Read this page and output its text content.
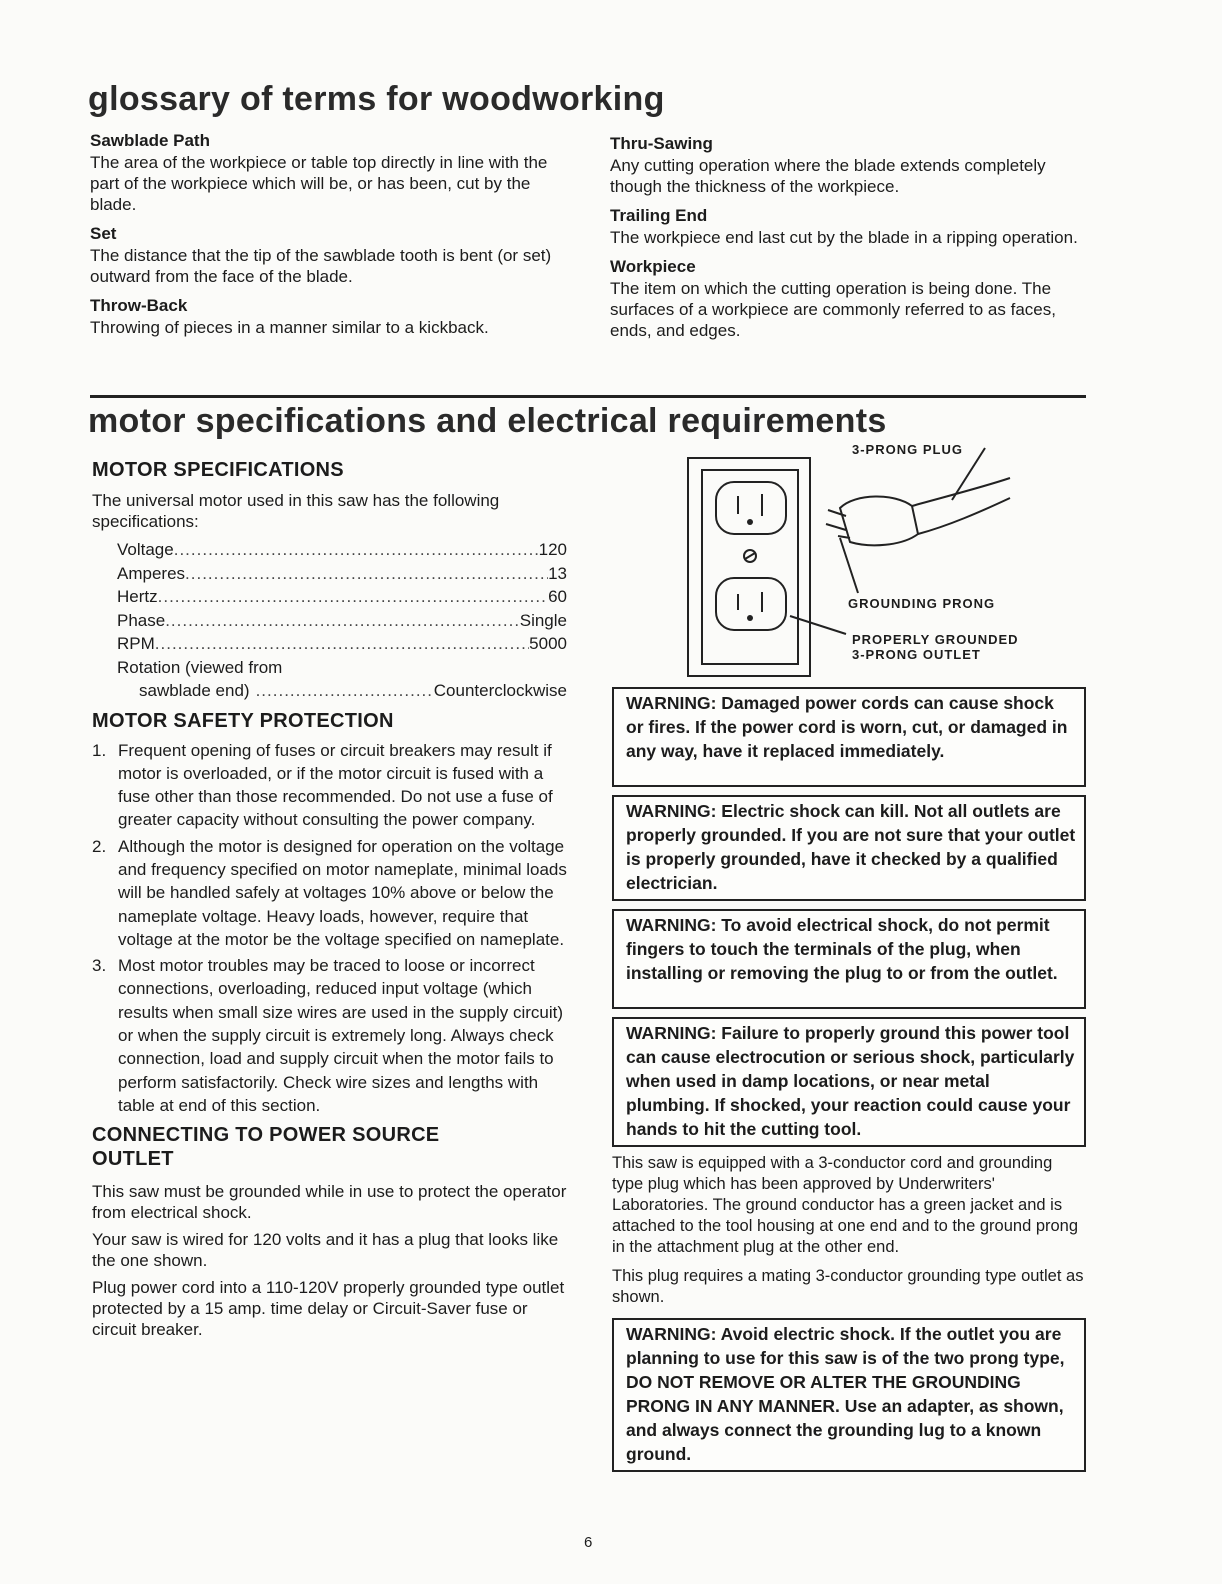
glossary of terms for woodworking

Sawblade Path

The area of the workpiece or table top directly in line with the part of the workpiece which will be, or has been, cut by the blade.

Set

The distance that the tip of the sawblade tooth is bent (or set) outward from the face of the blade.

Throw-Back

Throwing of pieces in a manner similar to a kickback.

Thru-Sawing

Any cutting operation where the blade extends completely though the thickness of the workpiece.

Trailing End

The workpiece end last cut by the blade in a ripping operation.

Workpiece

The item on which the cutting operation is being done. The surfaces of a workpiece are commonly referred to as faces, ends, and edges.

motor specifications and electrical requirements

MOTOR SPECIFICATIONS

The universal motor used in this saw has the following specifications:

Voltage .....	120
Amperes .....	13
Hertz .....	60
Phase .....	Single
RPM .....	5000
Rotation (viewed from
sawblade end) .....	Counterclockwise

MOTOR SAFETY PROTECTION

1. Frequent opening of fuses or circuit breakers may result if motor is overloaded, or if the motor circuit is fused with a fuse other than those recommended. Do not use a fuse of greater capacity without consulting the power company.
2. Although the motor is designed for operation on the voltage and frequency specified on motor nameplate, minimal loads will be handled safely at voltages 10% above or below the nameplate voltage. Heavy loads, however, require that voltage at the motor be the voltage specified on nameplate.
3. Most motor troubles may be traced to loose or incorrect connections, overloading, reduced input voltage (which results when small size wires are used in the supply circuit) or when the supply circuit is extremely long. Always check connection, load and supply circuit when the motor fails to perform satisfactorily. Check wire sizes and lengths with table at end of this section.

CONNECTING TO POWER SOURCE
OUTLET

This saw must be grounded while in use to protect the operator from electrical shock.

Your saw is wired for 120 volts and it has a plug that looks like the one shown.

Plug power cord into a 110-120V properly grounded type outlet protected by a 15 amp. time delay or Circuit-Saver fuse or circuit breaker.

3-PRONG PLUG
GROUNDING PRONG
PROPERLY GROUNDED
3-PRONG OUTLET
WARNING: Damaged power cords can cause shock or fires. If the power cord is worn, cut, or damaged in any way, have it replaced immediately.
WARNING: Electric shock can kill. Not all outlets are properly grounded. If you are not sure that your outlet is properly grounded, have it checked by a qualified electrician.
WARNING: To avoid electrical shock, do not permit fingers to touch the terminals of the plug, when installing or removing the plug to or from the outlet.
WARNING: Failure to properly ground this power tool can cause electrocution or serious shock, particularly when used in damp locations, or near metal plumbing. If shocked, your reaction could cause your hands to hit the cutting tool.

This saw is equipped with a 3-conductor cord and grounding type plug which has been approved by Underwriters' Laboratories. The ground conductor has a green jacket and is attached to the tool housing at one end and to the ground prong in the attachment plug at the other end.

This plug requires a mating 3-conductor grounding type outlet as shown.

WARNING: Avoid electric shock. If the outlet you are planning to use for this saw is of the two prong type, DO NOT REMOVE OR ALTER THE GROUNDING PRONG IN ANY MANNER. Use an adapter, as shown, and always connect the grounding lug to a known ground.
6
